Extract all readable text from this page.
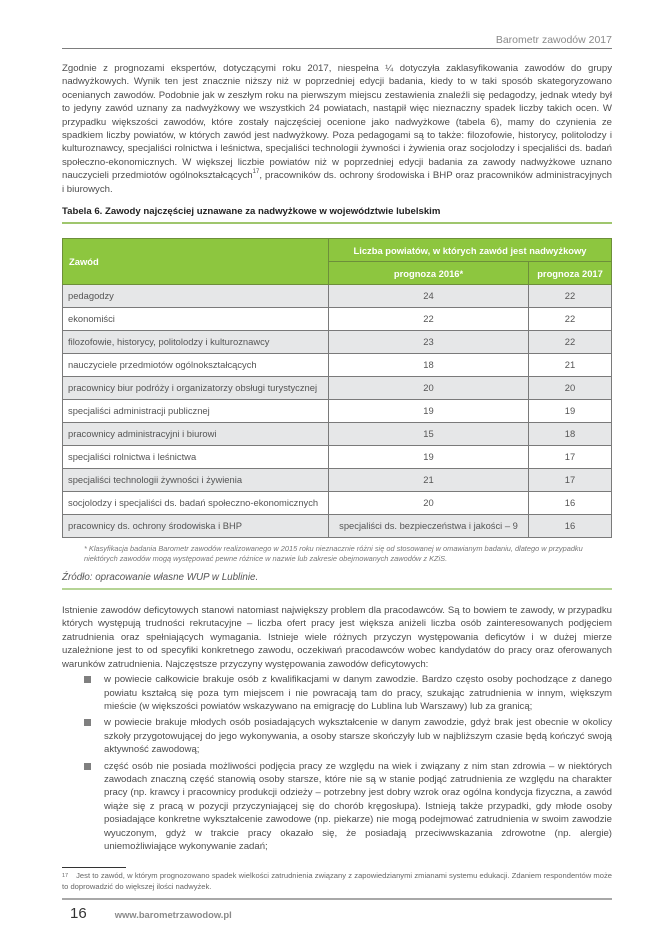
Barometr zawodów 2017

Zgodnie z prognozami ekspertów, dotyczącymi roku 2017, niespełna ¼ dotyczyła zaklasyfikowania zawodów do grupy nadwyżkowych. Wynik ten jest znacznie niższy niż w poprzedniej edycji badania, kiedy to w taki sposób skategoryzowano ocenianych zawodów. Podobnie jak w zeszłym roku na pierwszym miejscu zestawienia znaleźli się pedagodzy, jednak wtedy był to jedyny zawód uznany za nadwyżkowy we wszystkich 24 powiatach, nastąpił więc nieznaczny spadek liczby takich ocen. W przypadku większości zawodów, które zostały najczęściej ocenione jako nadwyżkowe (tabela 6), mamy do czynienia ze spadkiem liczby powiatów, w których zawód jest nadwyżkowy. Poza pedagogami są to także: filozofowie, historycy, politolodzy i kulturoznawcy, specjaliści rolnictwa i leśnictwa, specjaliści technologii żywności i żywienia oraz socjolodzy i specjaliści ds. badań społeczno-ekonomicznych. W większej liczbie powiatów niż w poprzedniej edycji badania za zawody nadwyżkowe uznano nauczycieli przedmiotów ogólnokształcących$^{17}$, pracowników ds. ochrony środowiska i BHP oraz pracowników administracyjnych i biurowych.

Tabela 6. Zawody najczęściej uznawane za nadwyżkowe w województwie lubelskim
Zawód	Liczba powiatów, w których zawód jest nadwyżkowy	
	prognoza 2016*	prognoza 2017
pedagodzy	24	22
ekonomiści	22	22
filozofowie, historycy, politolodzy i kulturoznawcy	23	22
nauczyciele przedmiotów ogólnokształcących	18	21
pracownicy biur podróży i organizatorzy obsługi turystycznej	20	20
specjaliści administracji publicznej	19	19
pracownicy administracyjni i biurowi	15	18
specjaliści rolnictwa i leśnictwa	19	17
specjaliści technologii żywności i żywienia	21	17
socjolodzy i specjaliści ds. badań społeczno-ekonomicznych	20	16
pracownicy ds. ochrony środowiska i BHP	specjaliści ds. bezpieczeństwa i jakości – 9	16
* Klasyfikacja badania Barometr zawodów realizowanego w 2015 roku nieznacznie różni się od stosowanej w omawianym badaniu, dlatego w przypadku niektórych zawodów mogą występować pewne różnice w nazwie lub zakresie obejmowanych zawodów z KZiS.
Źródło: opracowanie własne WUP w Lublinie.

Istnienie zawodów deficytowych stanowi natomiast największy problem dla pracodawców. Są to bowiem te zawody, w przypadku których występują trudności rekrutacyjne – liczba ofert pracy jest większa aniżeli liczba osób zainteresowanych podjęciem zatrudnienia oraz spełniających wymagania. Istnieje wiele różnych przyczyn występowania deficytów i w dużej mierze uzależnione jest to od specyfiki konkretnego zawodu, oczekiwań pracodawców wobec kandydatów do pracy oraz oferowanych warunków zatrudnienia. Najczęstsze przyczyny występowania zawodów deficytowych:

w powiecie całkowicie brakuje osób z kwalifikacjami w danym zawodzie. Bardzo często osoby pochodzące z danego powiatu kształcą się poza tym miejscem i nie powracają tam do pracy, szukając zatrudnienia w innym, większym mieście (w większości powiatów wskazywano na emigrację do Lublina lub Warszawy) lub za granicą;
w powiecie brakuje młodych osób posiadających wykształcenie w danym zawodzie, gdyż brak jest obecnie w okolicy szkoły przygotowującej do jego wykonywania, a osoby starsze skończyły lub w najbliższym czasie będą kończyć swoją aktywność zawodową;
część osób nie posiada możliwości podjęcia pracy ze względu na wiek i związany z nim stan zdrowia – w niektórych zawodach znaczną część stanowią osoby starsze, które nie są w stanie podjąć zatrudnienia ze względu na charakter pracy (np. krawcy i pracownicy produkcji odzieży – potrzebny jest dobry wzrok oraz ogólna kondycja fizyczna, a zawód wiąże się z pracą w pozycji przyczyniającej się do chorób kręgosłupa). Istnieją także przypadki, gdy młode osoby posiadające konkretne wykształcenie zawodowe (np. piekarze) nie mogą podejmować zatrudnienia w swoim zawodzie wyuczonym, gdyż w trakcie pracy okazało się, że posiadają przeciwwskazania zdrowotne (np. alergie) uniemożliwiające wykonywanie zadań;
$^{17}$ Jest to zawód, w którym prognozowano spadek wielkości zatrudnienia związany z zapowiedzianymi zmianami systemu edukacji. Zdaniem respondentów może to doprowadzić do większej ilości nadwyżek.
16	www.barometrzawodow.pl
